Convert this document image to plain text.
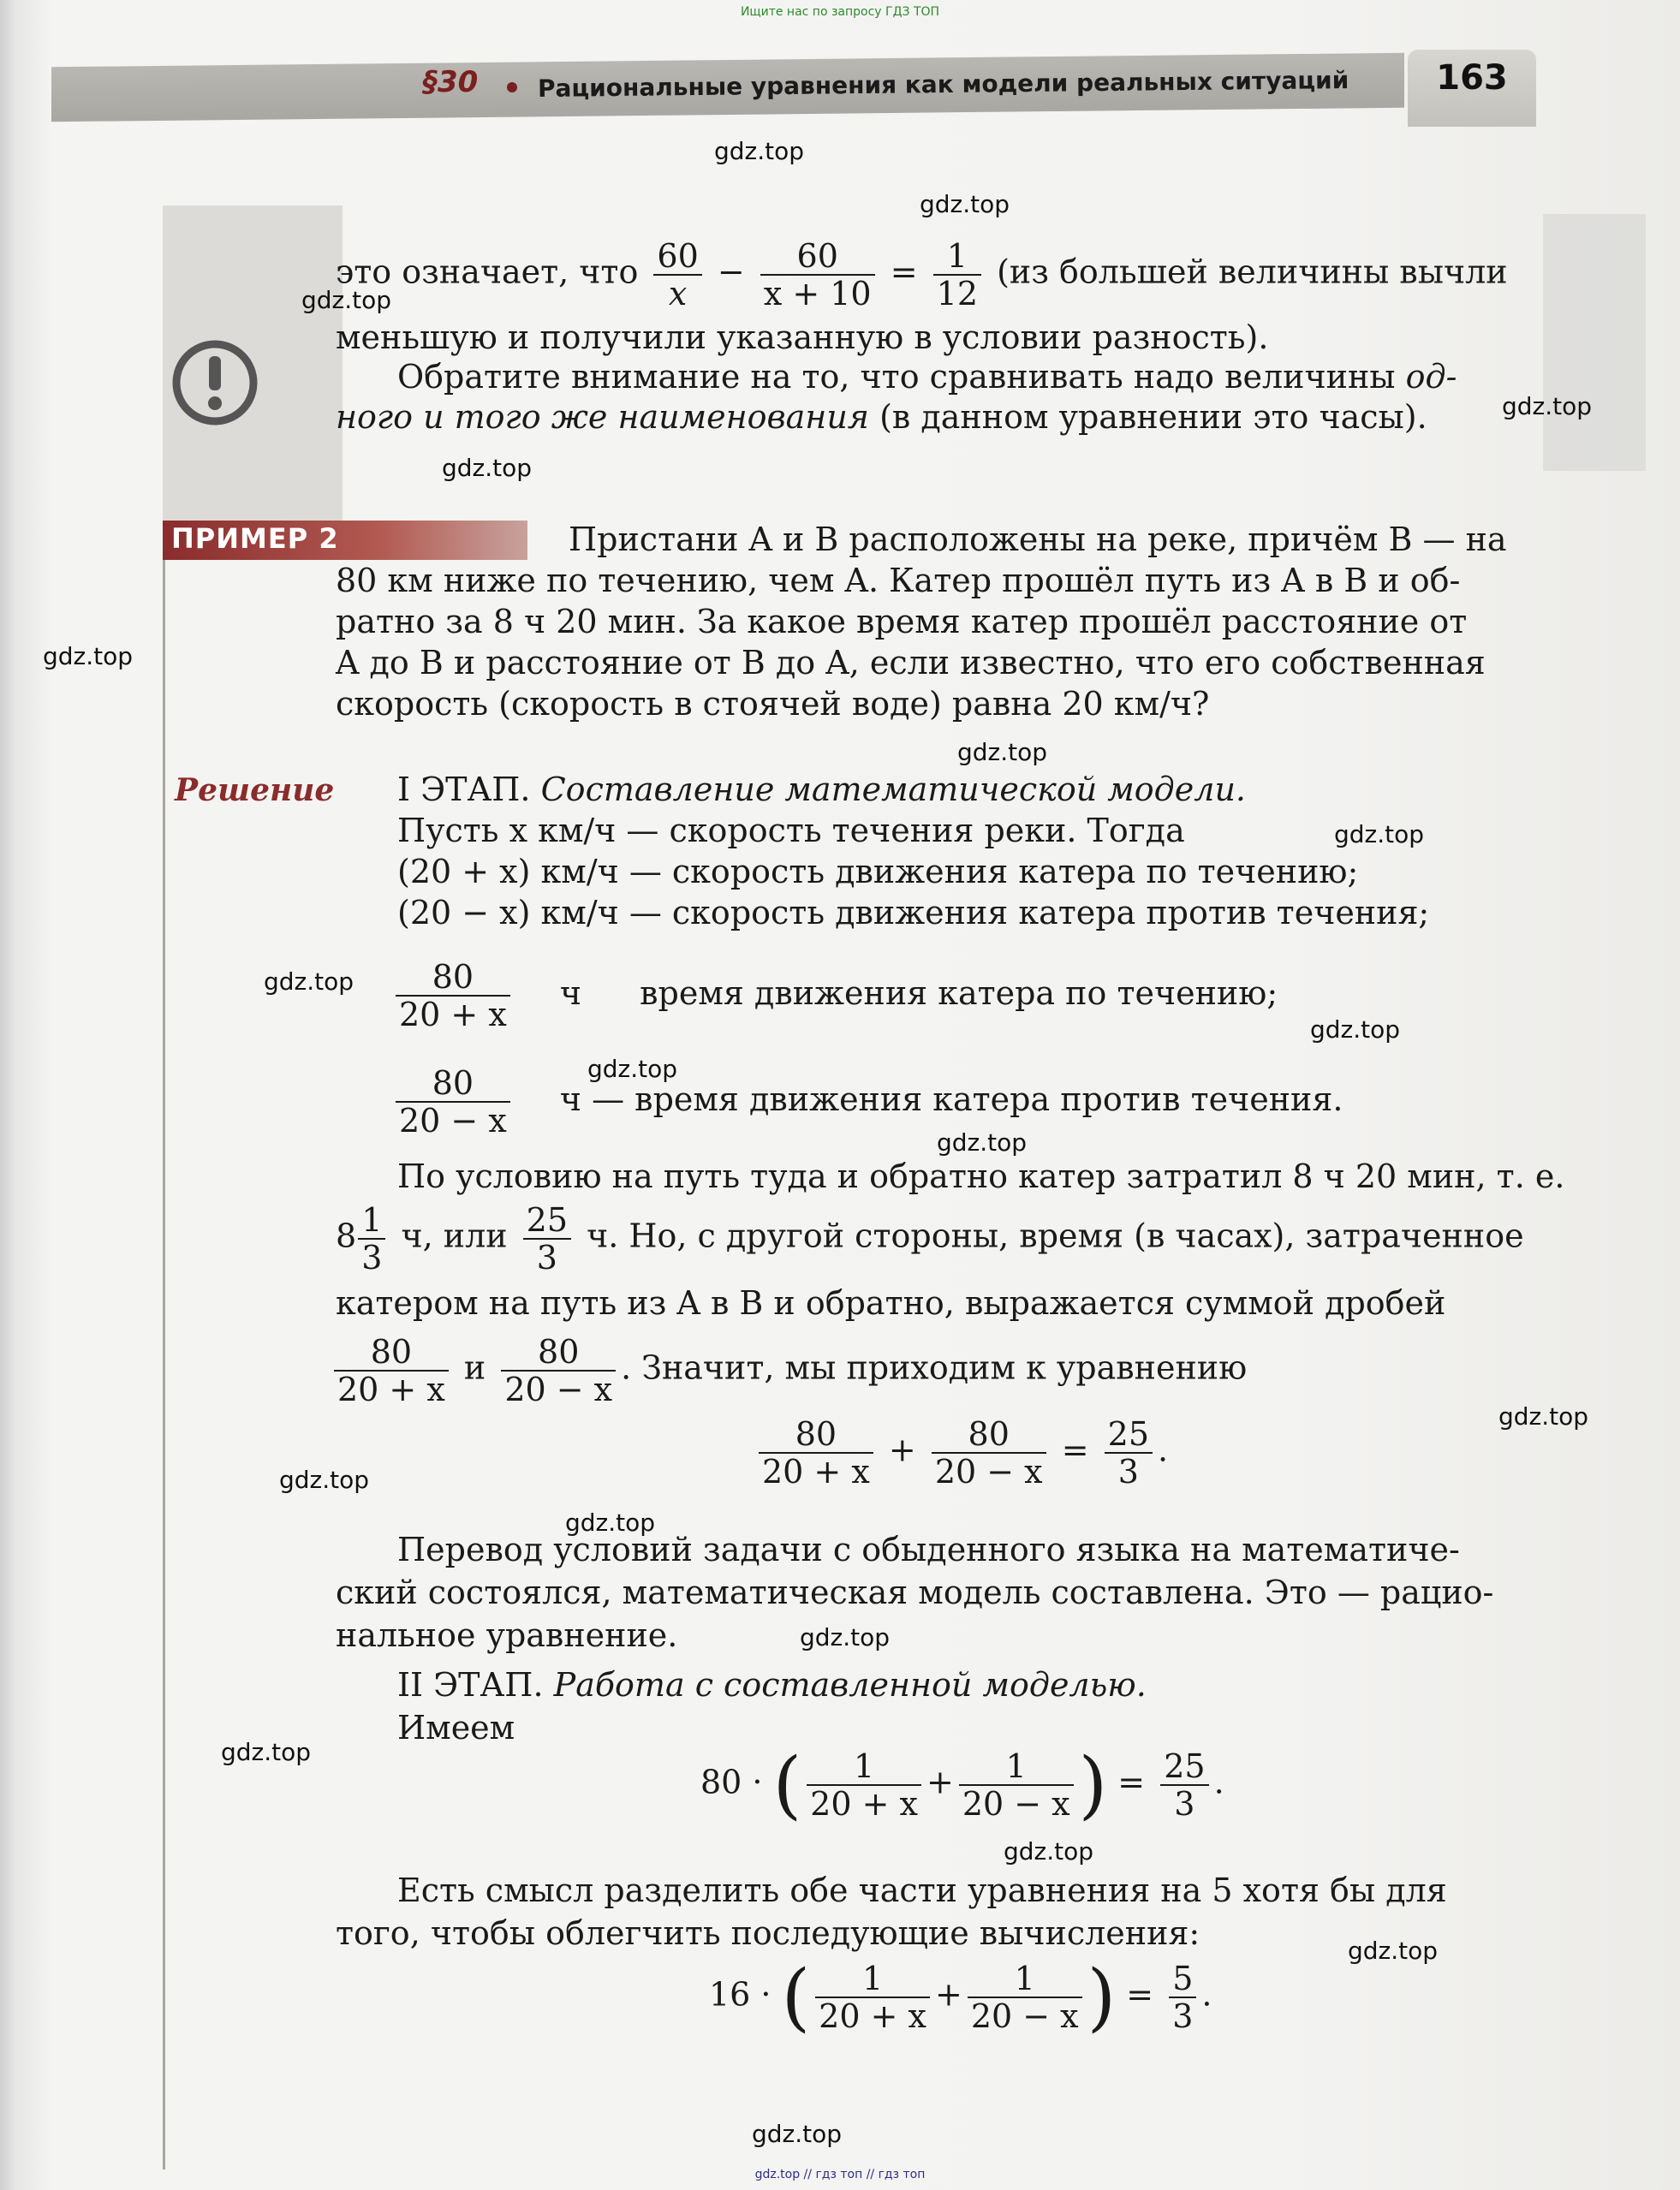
Ищите нас по запросу ГДЗ ТОП
§30 Рациональные уравнения как модели реальных ситуаций	163
это означает, что $\frac{60}{x} - \frac{60}{x + 10} = \frac{1}{12} (из$ большей величины вычли
меньшую и получили указанную в условии разность).
Обратите внимание на то, что сравнивать надо величины од-
ного и того же наименования (в данном уравнении это часы).
ПРИМЕР 2	Пристани A и B расположены на реке, причём B — на
80 км ниже по течению, чем A. Катер прошёл путь из A в B и об-
ратно за 8 ч 20 мин. За какое время катер прошёл расстояние от
A до B и расстояние от B до A, если известно, что его собственная
скорость (скорость в стоячей воде) равна 20 км/ч?
Решение I ЭТАП. Составление математической модели.
Пусть x км/ч — скорость течения реки. Тогда
(20 + x) км/ч — скорость движения катера по течению;
(20 − x) км/ч — скорость движения катера против течения;
$\frac{80}{20 + x}$ ч время движения катера по течению;
$\frac{80}{20 - x}$ ч — время движения катера против течения.
По условию на путь туда и обратно катер затратил 8 ч 20 мин, т. е.
$8 \frac{1}{3} ч$, или $\frac{25}{3} ч$. Но, с другой стороны, время (в часах), затраченное
катером на путь из A в B и обратно, выражается суммой дробей
$\frac{80}{20 + x}$ и $\frac{80}{20 - x}$ . Значит, мы приходим к уравнению
$\frac{80}{20 + x} + \frac{80}{20 - x} = \frac{25}{3}$ .
Перевод условий задачи с обыденного языка на математиче-
ский состоялся, математическая модель составлена. Это — рацио-
нальное уравнение.
II ЭТАП. Работа с составленной моделью.
Имеем
80 · ( $\frac{1}{20 + x} + \frac{1}{20 - x}$ ) = $\frac{25}{3}$ .
Есть смысл разделить обе части уравнения на 5 хотя бы для
того, чтобы облегчить последующие вычисления:
16 · ( $\frac{1}{20 + x} + \frac{1}{20 - x}$ ) = $\frac{5}{3}$ .
gdz.top
gdz.top
gdz.top
gdz.top
gdz.top
gdz.top
gdz.top
gdz.top
gdz.top
gdz.top
gdz.top
gdz.top
gdz.top
gdz.top
gdz.top
gdz.top
gdz.top
gdz.top
gdz.top
gdz.top
gdz.top // гдз топ // гдз топ
